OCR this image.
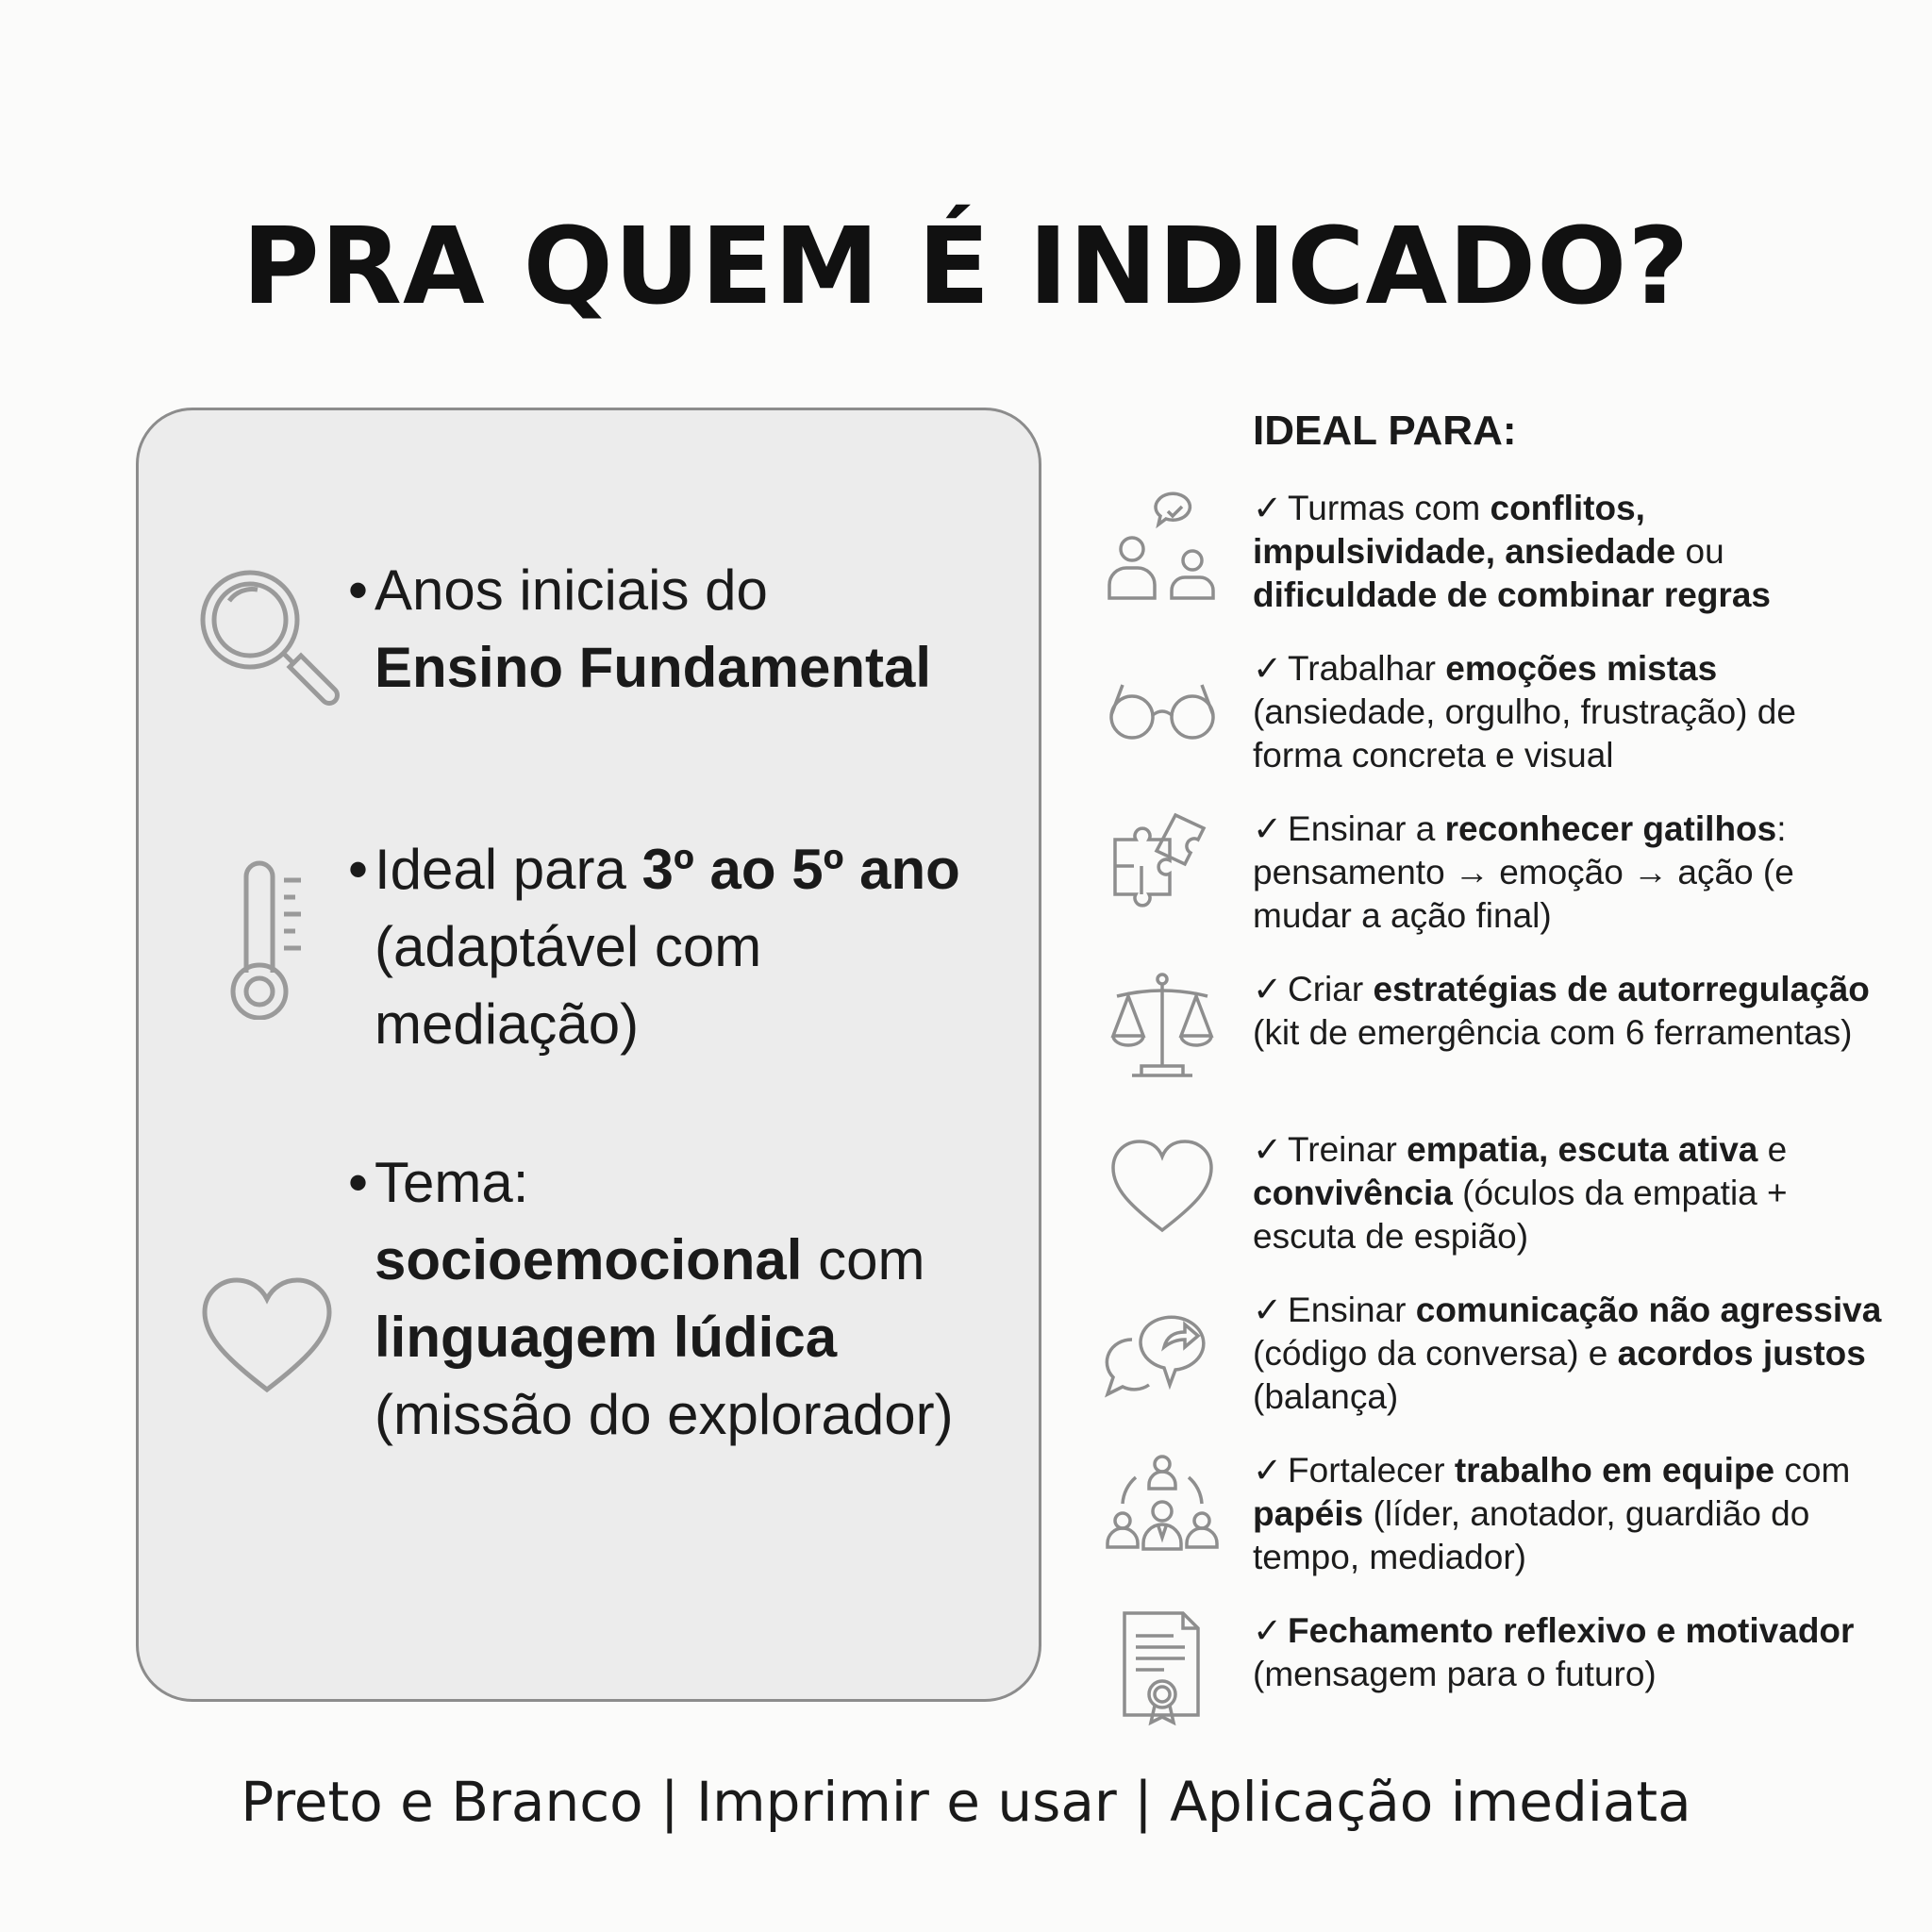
PRA QUEM É INDICADO?
• Anos iniciais do
Ensino Fundamental
• Ideal para 3º ao 5º ano (adaptável com mediação)
• Tema:
socioemocional com
linguagem lúdica (missão do explorador)
IDEAL PARA:
✓ Turmas com conflitos, impulsividade, ansiedade ou dificuldade de combinar regras
✓ Trabalhar emoções mistas (ansiedade, orgulho, frustração) de forma concreta e visual
✓ Ensinar a reconhecer gatilhos: pensamento → emoção → ação (e mudar a ação final)
✓ Criar estratégias de autorregulação (kit de emergência com 6 ferramentas)
✓ Treinar empatia, escuta ativa e convivência (óculos da empatia + escuta de espião)
✓ Ensinar comunicação não agressiva (código da conversa) e acordos justos (balança)
✓ Fortalecer trabalho em equipe com papéis (líder, anotador, guardião do tempo, mediador)
✓ Fechamento reflexivo e motivador (mensagem para o futuro)
Preto e Branco | Imprimir e usar | Aplicação imediata
